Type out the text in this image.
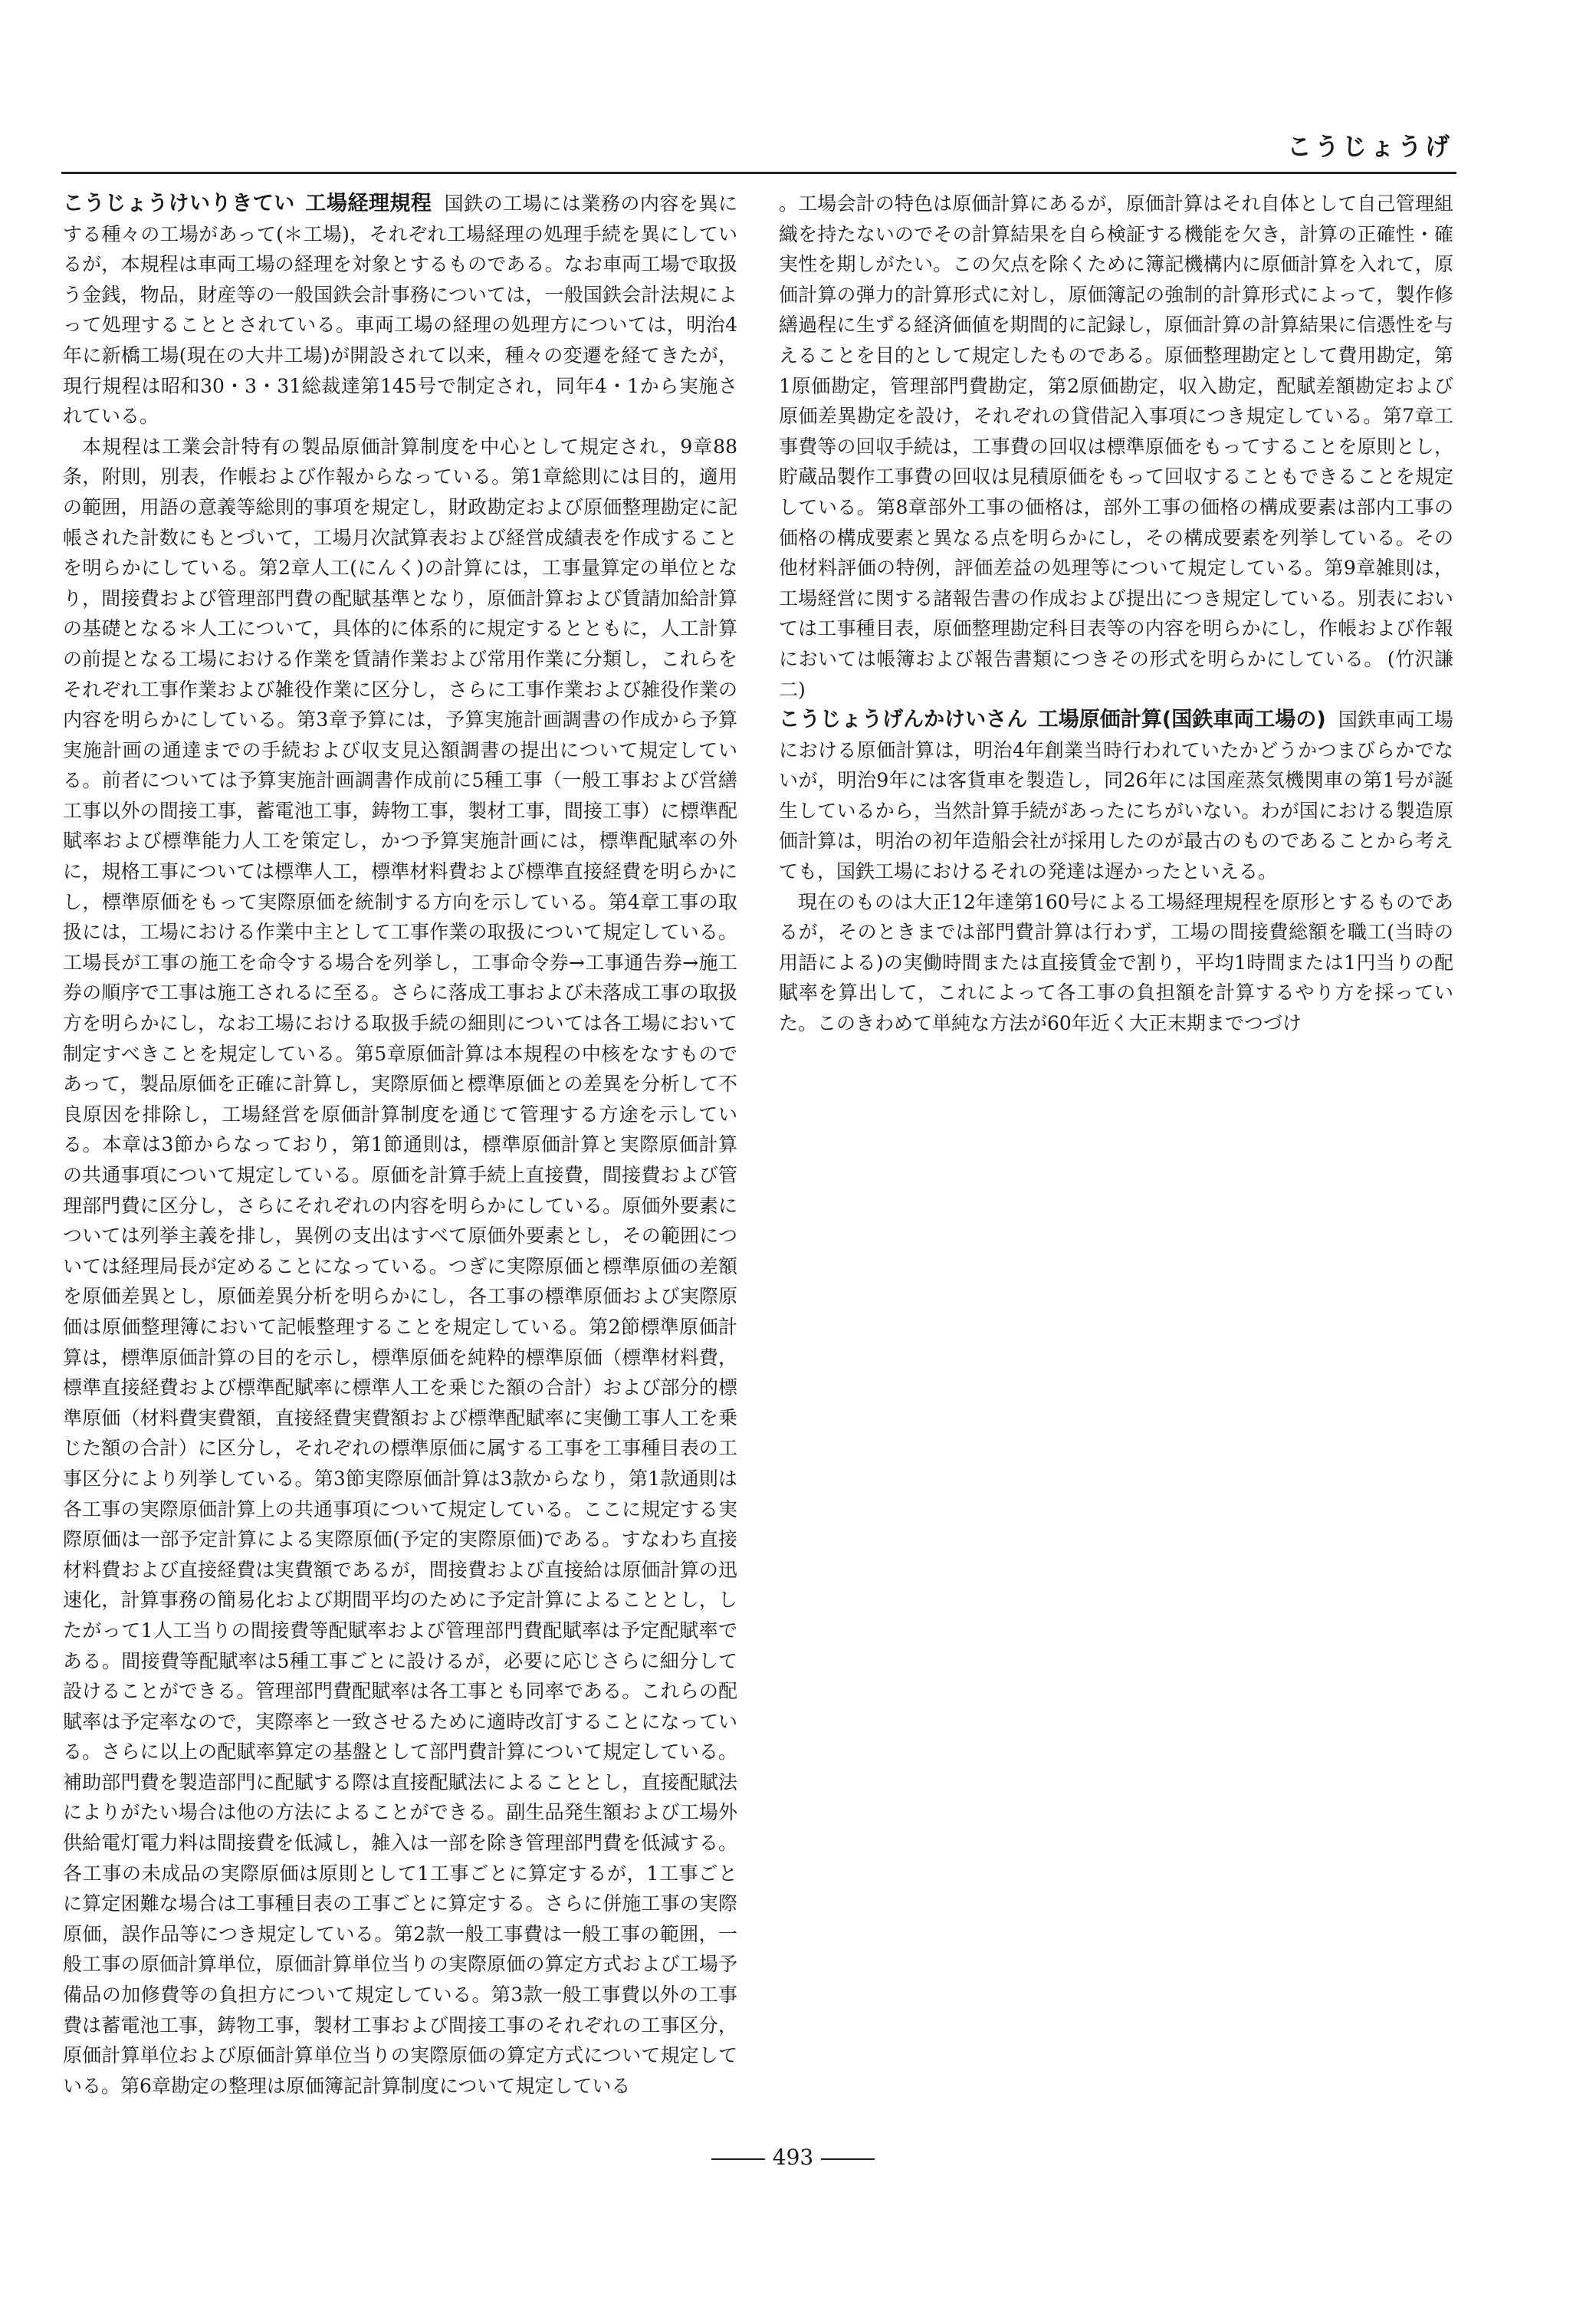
こうじょうげ

こうじょうけいりきてい 工場経理規程 国鉄の工場には業務の内容を異にする種々の工場があって(＊工場)，それぞれ工場経理の処理手続を異にしているが，本規程は車両工場の経理を対象とするものである。なお車両工場で取扱う金銭，物品，財産等の一般国鉄会計事務については，一般国鉄会計法規によって処理することとされている。車両工場の経理の処理方については，明治4年に新橋工場(現在の大井工場)が開設されて以来，種々の変遷を経てきたが，現行規程は昭和30・3・31総裁達第145号で制定され，同年4・1から実施されている。

本規程は工業会計特有の製品原価計算制度を中心として規定され，9章88条，附則，別表，作帳および作報からなっている。第1章総則には目的，適用の範囲，用語の意義等総則的事項を規定し，財政勘定および原価整理勘定に記帳された計数にもとづいて，工場月次試算表および経営成績表を作成することを明らかにしている。第2章人工(にんく)の計算には，工事量算定の単位となり，間接費および管理部門費の配賦基準となり，原価計算および賃請加給計算の基礎となる＊人工について，具体的に体系的に規定するとともに，人工計算の前提となる工場における作業を賃請作業および常用作業に分類し，これらをそれぞれ工事作業および雑役作業に区分し，さらに工事作業および雑役作業の内容を明らかにしている。第3章予算には，予算実施計画調書の作成から予算実施計画の通達までの手続および収支見込額調書の提出について規定している。前者については予算実施計画調書作成前に5種工事（一般工事および営繕工事以外の間接工事，蓄電池工事，鋳物工事，製材工事，間接工事）に標準配賦率および標準能力人工を策定し，かつ予算実施計画には，標準配賦率の外に，規格工事については標準人工，標準材料費および標準直接経費を明らかにし，標準原価をもって実際原価を統制する方向を示している。第4章工事の取扱には，工場における作業中主として工事作業の取扱について規定している。工場長が工事の施工を命令する場合を列挙し，工事命令券→工事通告券→施工券の順序で工事は施工されるに至る。さらに落成工事および未落成工事の取扱方を明らかにし，なお工場における取扱手続の細則については各工場において制定すべきことを規定している。第5章原価計算は本規程の中核をなすものであって，製品原価を正確に計算し，実際原価と標準原価との差異を分析して不良原因を排除し，工場経営を原価計算制度を通じて管理する方途を示している。本章は3節からなっており，第1節通則は，標準原価計算と実際原価計算の共通事項について規定している。原価を計算手続上直接費，間接費および管理部門費に区分し，さらにそれぞれの内容を明らかにしている。原価外要素については列挙主義を排し，異例の支出はすべて原価外要素とし，その範囲については経理局長が定めることになっている。つぎに実際原価と標準原価の差額を原価差異とし，原価差異分析を明らかにし，各工事の標準原価および実際原価は原価整理簿において記帳整理することを規定している。第2節標準原価計算は，標準原価計算の目的を示し，標準原価を純粋的標準原価（標準材料費，標準直接経費および標準配賦率に標準人工を乗じた額の合計）および部分的標準原価（材料費実費額，直接経費実費額および標準配賦率に実働工事人工を乗じた額の合計）に区分し，それぞれの標準原価に属する工事を工事種目表の工事区分により列挙している。第3節実際原価計算は3款からなり，第1款通則は各工事の実際原価計算上の共通事項について規定している。ここに規定する実際原価は一部予定計算による実際原価(予定的実際原価)である。すなわち直接材料費および直接経費は実費額であるが，間接費および直接給は原価計算の迅速化，計算事務の簡易化および期間平均のために予定計算によることとし，したがって1人工当りの間接費等配賦率および管理部門費配賦率は予定配賦率である。間接費等配賦率は5種工事ごとに設けるが，必要に応じさらに細分して設けることができる。管理部門費配賦率は各工事とも同率である。これらの配賦率は予定率なので，実際率と一致させるために適時改訂することになっている。さらに以上の配賦率算定の基盤として部門費計算について規定している。補助部門費を製造部門に配賦する際は直接配賦法によることとし，直接配賦法によりがたい場合は他の方法によることができる。副生品発生額および工場外供給電灯電力料は間接費を低減し，雑入は一部を除き管理部門費を低減する。各工事の未成品の実際原価は原則として1工事ごとに算定するが，1工事ごとに算定困難な場合は工事種目表の工事ごとに算定する。さらに併施工事の実際原価，誤作品等につき規定している。第2款一般工事費は一般工事の範囲，一般工事の原価計算単位，原価計算単位当りの実際原価の算定方式および工場予備品の加修費等の負担方について規定している。第3款一般工事費以外の工事費は蓄電池工事，鋳物工事，製材工事および間接工事のそれぞれの工事区分，原価計算単位および原価計算単位当りの実際原価の算定方式について規定している。第6章勘定の整理は原価簿記計算制度について規定している

。工場会計の特色は原価計算にあるが，原価計算はそれ自体として自己管理組織を持たないのでその計算結果を自ら検証する機能を欠き，計算の正確性・確実性を期しがたい。この欠点を除くために簿記機構内に原価計算を入れて，原価計算の弾力的計算形式に対し，原価簿記の強制的計算形式によって，製作修繕過程に生ずる経済価値を期間的に記録し，原価計算の計算結果に信憑性を与えることを目的として規定したものである。原価整理勘定として費用勘定，第1原価勘定，管理部門費勘定，第2原価勘定，収入勘定，配賦差額勘定および原価差異勘定を設け，それぞれの貸借記入事項につき規定している。第7章工事費等の回収手続は，工事費の回収は標準原価をもってすることを原則とし，貯蔵品製作工事費の回収は見積原価をもって回収することもできることを規定している。第8章部外工事の価格は，部外工事の価格の構成要素は部内工事の価格の構成要素と異なる点を明らかにし，その構成要素を列挙している。その他材料評価の特例，評価差益の処理等について規定している。第9章雑則は，工場経営に関する諸報告書の作成および提出につき規定している。別表においては工事種目表，原価整理勘定科目表等の内容を明らかにし，作帳および作報においては帳簿および報告書類につきその形式を明らかにしている。 (竹沢謙二)

こうじょうげんかけいさん 工場原価計算(国鉄車両工場の) 国鉄車両工場における原価計算は，明治4年創業当時行われていたかどうかつまびらかでないが，明治9年には客貨車を製造し，同26年には国産蒸気機関車の第1号が誕生しているから，当然計算手続があったにちがいない。わが国における製造原価計算は，明治の初年造船会社が採用したのが最古のものであることから考えても，国鉄工場におけるそれの発達は遅かったといえる。

現在のものは大正12年達第160号による工場経理規程を原形とするものであるが，そのときまでは部門費計算は行わず，工場の間接費総額を職工(当時の用語による)の実働時間または直接賃金で割り，平均1時間または1円当りの配賦率を算出して，これによって各工事の負担額を計算するやり方を採っていた。このきわめて単純な方法が60年近く大正末期までつづけ

493
